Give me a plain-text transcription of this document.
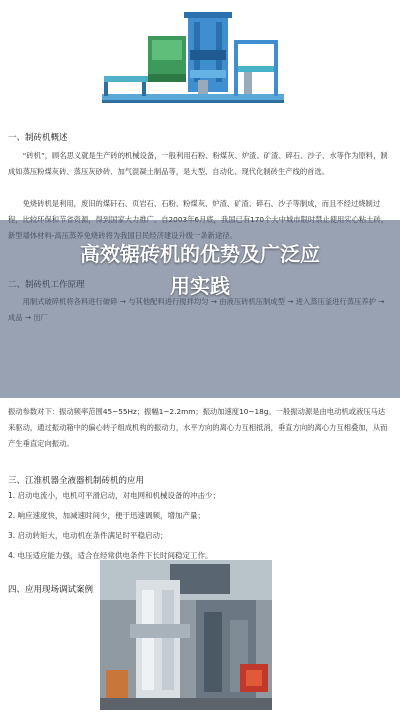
一、制砖机概述
“砖机”，顾名思义就是生产砖的机械设备，一般利用石粉、粉煤灰、炉渣、矿渣、碎石、沙子、水等作为原料，制成如蒸压粉煤灰砖、蒸压灰砂砖、加气混凝土制品等，是大型、自动化、现代化制砖生产线的首选。
免烧砖机是利用，废旧的煤矸石、页岩石、石粉、粉煤灰、炉渣、矿渣、碎石、沙子等制成，而且不经过烧制过
振动参数对下：振动频率范围45~55Hz；振幅1~2.2mm；振动加速度10~18g。一般振动源是由电动机或液压马达来驱动，通过振动箱中的偏心转子组成机构的振动力，水平方向的离心力互相抵消，垂直方向的离心力互相叠加，从而产生垂直定向振动。
高效锯砖机的优势及广泛应
用实践
三、江淮机器全液器机制砖机的应用
1. 启动电流小，电机可平滑启动，对电网和机械设备的冲击少；
2. 响应速度快，加减速时间少，便于迅速调频，增加产量；
3. 启动转矩大，电动机在条件满足时平稳启动；
4. 电压适应能力强，适合在经常供电条件下长时间稳定工作。
四、应用现场调试案例
